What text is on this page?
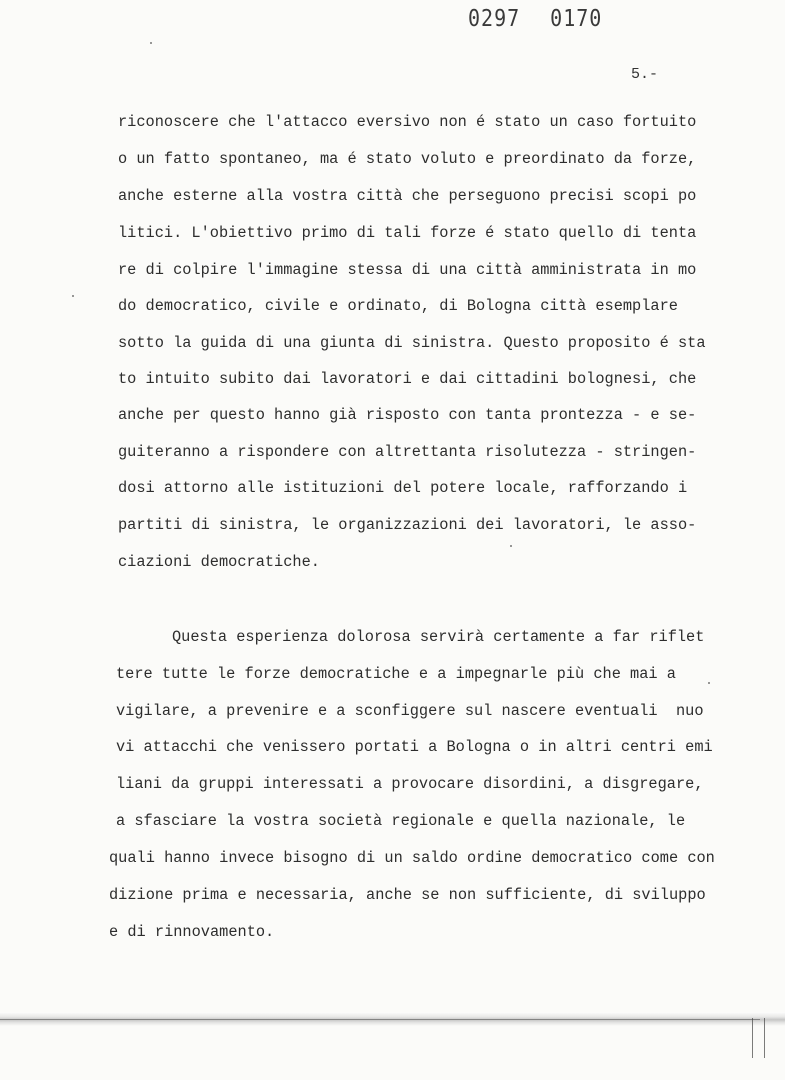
0297 0170
5.-
riconoscere che l'attacco eversivo non é stato un caso fortuito
o un fatto spontaneo, ma é stato voluto e preordinato da forze,
anche esterne alla vostra città che perseguono precisi scopi po
litici. L'obiettivo primo di tali forze é stato quello di tenta
re di colpire l'immagine stessa di una città amministrata in mo
do democratico, civile e ordinato, di Bologna città esemplare
sotto la guida di una giunta di sinistra. Questo proposito é sta
to intuito subito dai lavoratori e dai cittadini bolognesi, che
anche per questo hanno già risposto con tanta prontezza - e se-
guiteranno a rispondere con altrettanta risolutezza - stringen-
dosi attorno alle istituzioni del potere locale, rafforzando i
partiti di sinistra, le organizzazioni dei lavoratori, le asso-
ciazioni democratiche.
Questa esperienza dolorosa servirà certamente a far riflet
tere tutte le forze democratiche e a impegnarle più che mai a
vigilare, a prevenire e a sconfiggere sul nascere eventuali  nuo
vi attacchi che venissero portati a Bologna o in altri centri emi
liani da gruppi interessati a provocare disordini, a disgregare,
a sfasciare la vostra società regionale e quella nazionale, le
quali hanno invece bisogno di un saldo ordine democratico come con
dizione prima e necessaria, anche se non sufficiente, di sviluppo
e di rinnovamento.
